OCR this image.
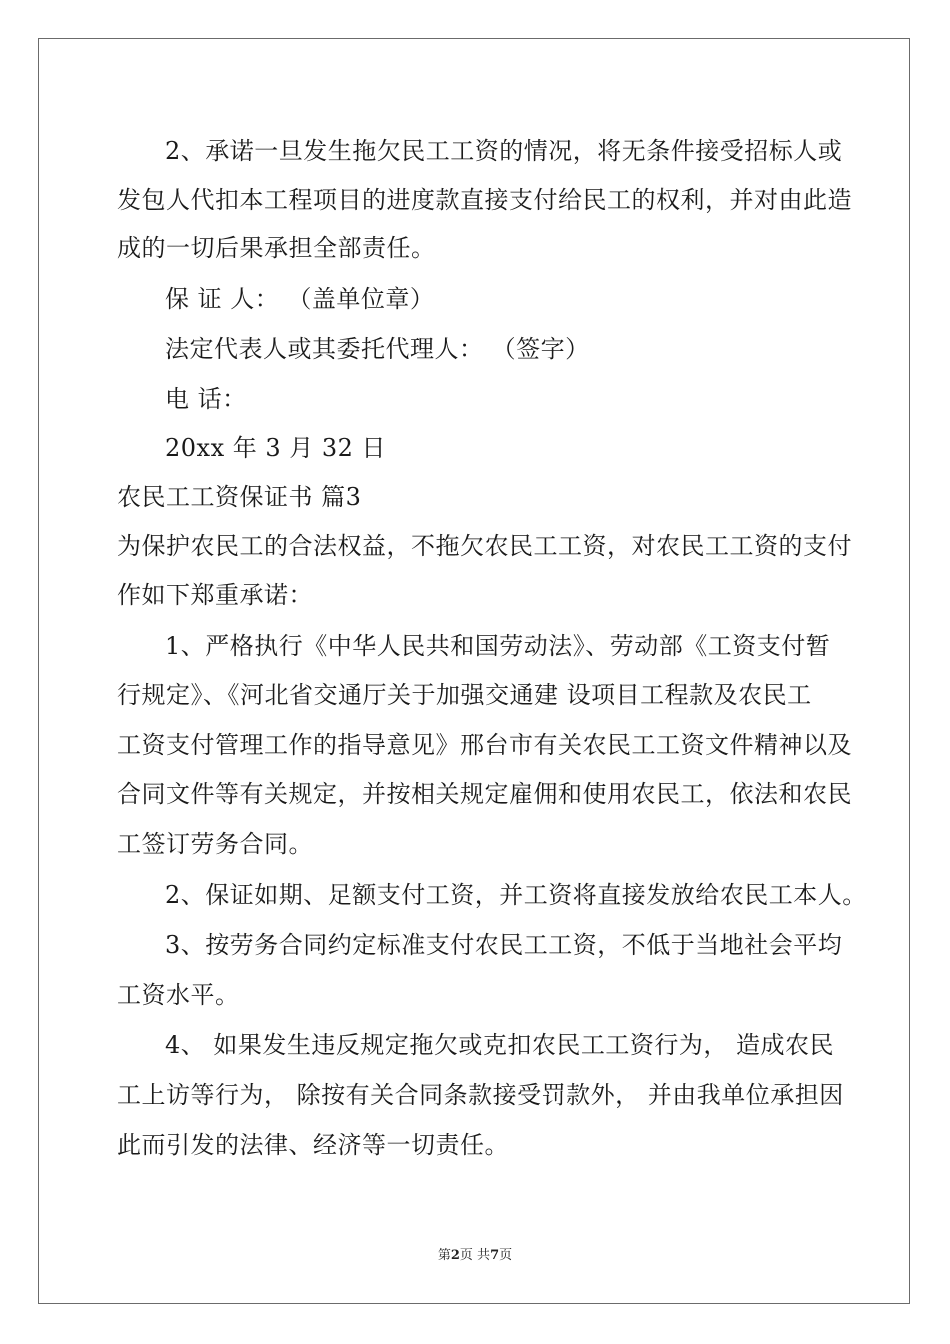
2、承诺一旦发生拖欠民工工资的情况，将无条件接受招标人或
发包人代扣本工程项目的进度款直接支付给民工的权利，并对由此造
成的一切后果承担全部责任。
保 证 人： （盖单位章）
法定代表人或其委托代理人： （签字）
电 话：
20xx 年 3 月 32 日
农民工工资保证书 篇3
为保护农民工的合法权益，不拖欠农民工工资，对农民工工资的支付
作如下郑重承诺：
1、严格执行《中华人民共和国劳动法》、劳动部《工资支付暂
行规定》、《河北省交通厅关于加强交通建 设项目工程款及农民工
工资支付管理工作的指导意见》邢台市有关农民工工资文件精神以及
合同文件等有关规定，并按相关规定雇佣和使用农民工，依法和农民
工签订劳务合同。
2、保证如期、足额支付工资，并工资将直接发放给农民工本人。
3、按劳务合同约定标准支付农民工工资，不低于当地社会平均
工资水平。
4、 如果发生违反规定拖欠或克扣农民工工资行为， 造成农民
工上访等行为， 除按有关合同条款接受罚款外， 并由我单位承担因
此而引发的法律、经济等一切责任。
第2页 共7页
